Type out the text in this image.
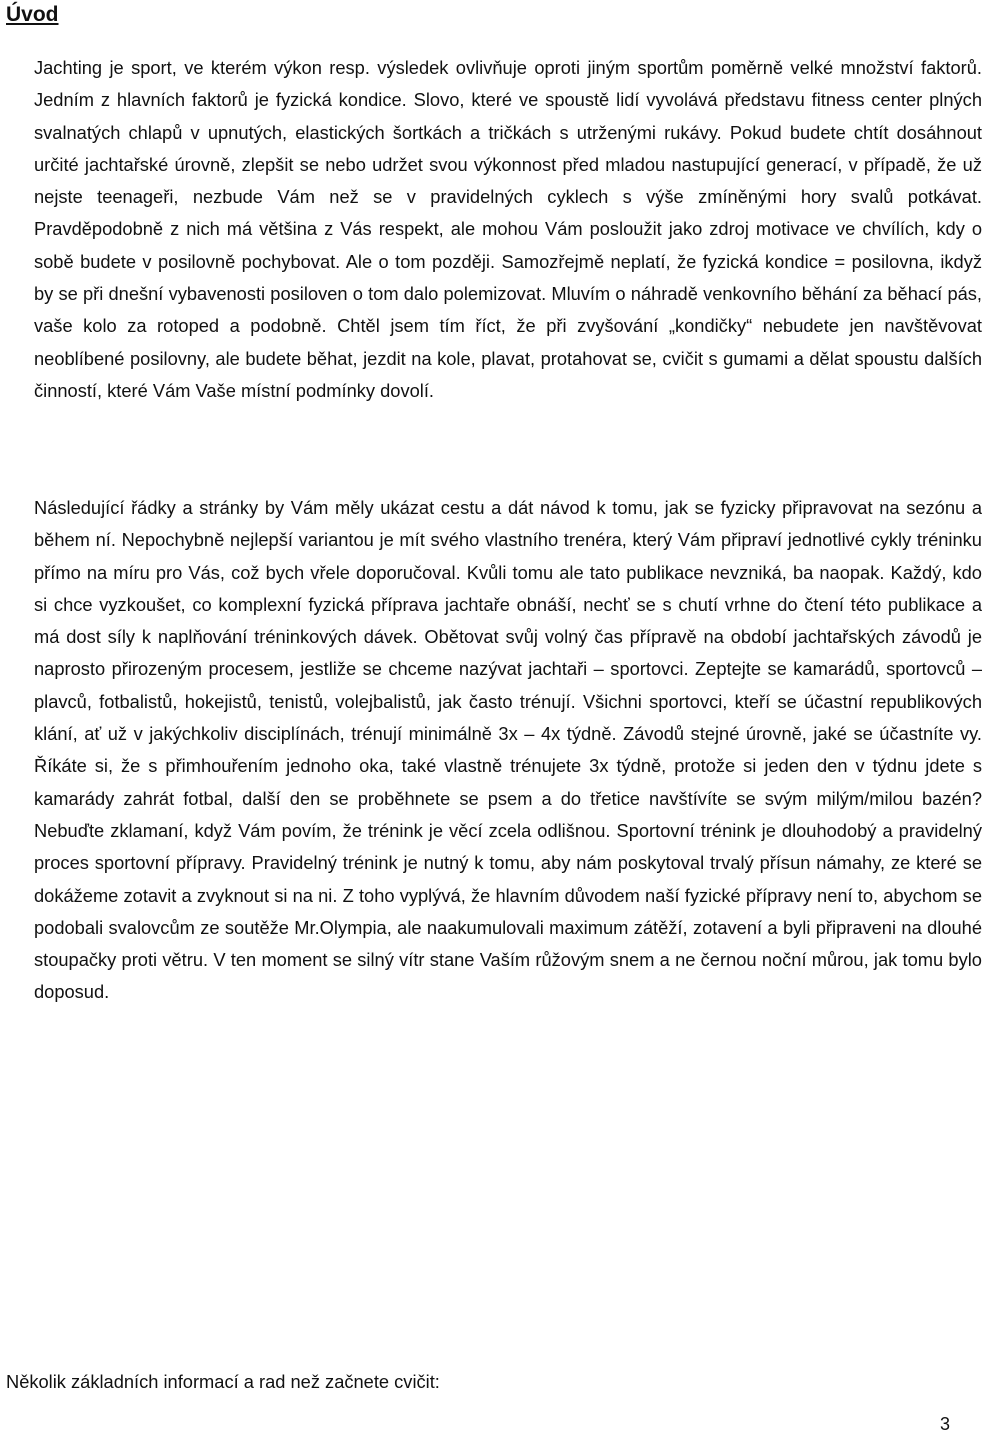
Úvod

Jachting je sport, ve kterém výkon resp. výsledek ovlivňuje oproti jiným sportům poměrně velké množství faktorů. Jedním z hlavních faktorů je fyzická kondice. Slovo, které ve spoustě lidí vyvolává představu fitness center plných svalnatých chlapů v upnutých, elastických šortkách a tričkách s utrženými rukávy. Pokud budete chtít dosáhnout určité jachtařské úrovně, zlepšit se nebo udržet svou výkonnost před mladou nastupující generací, v případě, že už nejste teenageři, nezbude Vám než se v pravidelných cyklech s výše zmíněnými hory svalů potkávat. Pravděpodobně z nich má většina z Vás respekt, ale mohou Vám posloužit jako zdroj motivace ve chvílích, kdy o sobě budete v posilovně pochybovat. Ale o tom později. Samozřejmě neplatí, že fyzická kondice = posilovna, ikdyž by se při dnešní vybavenosti posiloven o tom dalo polemizovat. Mluvím o náhradě venkovního běhání za běhací pás, vaše kolo za rotoped a podobně. Chtěl jsem tím říct, že při zvyšování „kondičky“ nebudete jen navštěvovat neoblíbené posilovny, ale budete běhat, jezdit na kole, plavat, protahovat se, cvičit s gumami a dělat spoustu dalších činností, které Vám Vaše místní podmínky dovolí.

Následující řádky a stránky by Vám měly ukázat cestu a dát návod k tomu, jak se fyzicky připravovat na sezónu a během ní. Nepochybně nejlepší variantou je mít svého vlastního trenéra, který Vám připraví jednotlivé cykly tréninku přímo na míru pro Vás, což bych vřele doporučoval. Kvůli tomu ale tato publikace nevzniká, ba naopak. Každý, kdo si chce vyzkoušet, co komplexní fyzická příprava jachtaře obnáší, nechť se s chutí vrhne do čtení této publikace a má dost síly k naplňování tréninkových dávek. Obětovat svůj volný čas přípravě na období jachtařských závodů je naprosto přirozeným procesem, jestliže se chceme nazývat jachtaři – sportovci. Zeptejte se kamarádů, sportovců – plavců, fotbalistů, hokejistů, tenistů, volejbalistů, jak často trénují. Všichni sportovci, kteří se účastní republikových klání, ať už v jakýchkoliv disciplínách, trénují minimálně 3x – 4x týdně. Závodů stejné úrovně, jaké se účastníte vy. Říkáte si, že s přimhouřením jednoho oka, také vlastně trénujete 3x týdně, protože si jeden den v týdnu jdete s kamarády zahrát fotbal, další den se proběhnete se psem a do třetice navštívíte se svým milým/milou bazén? Nebuďte zklamaní, když Vám povím, že trénink je věcí zcela odlišnou. Sportovní trénink je dlouhodobý a pravidelný proces sportovní přípravy. Pravidelný trénink je nutný k tomu, aby nám poskytoval trvalý přísun námahy, ze které se dokážeme zotavit a zvyknout si na ni. Z toho vyplývá, že hlavním důvodem naší fyzické přípravy není to, abychom se podobali svalovcům ze soutěže Mr.Olympia, ale naakumulovali maximum zátěží, zotavení a byli připraveni na dlouhé stoupačky proti větru. V ten moment se silný vítr stane Vaším růžovým snem a ne černou noční můrou, jak tomu bylo doposud.

Několik základních informací a rad než začnete cvičit:

3
